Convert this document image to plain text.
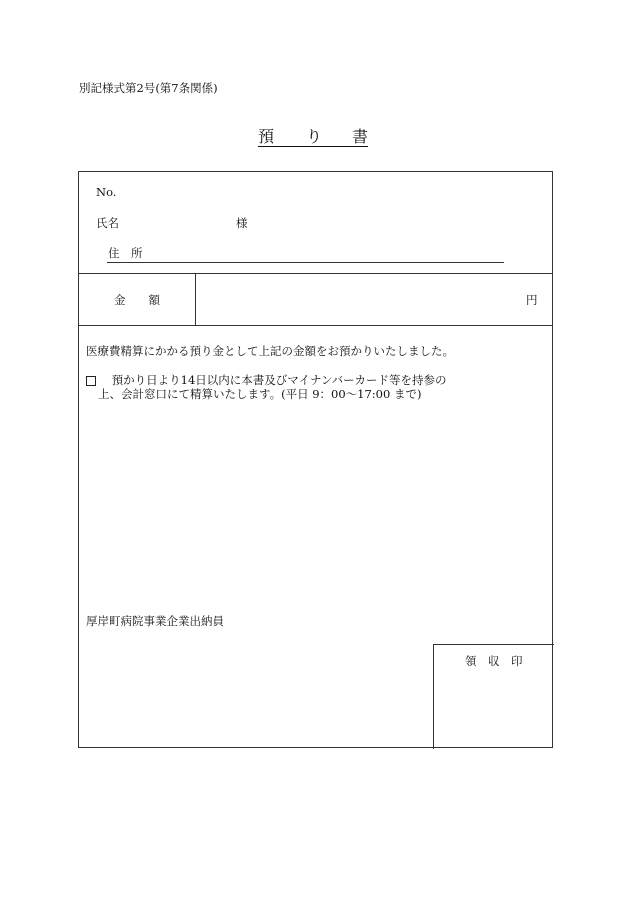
別記様式第2号(第7条関係)
預 り 書
No.
氏名	様
住　所
金　　額	円
医療費精算にかかる預り金として上記の金額をお預かりいたしました。
預かり日より14日以内に本書及びマイナンバーカード等を持参の
上、会計窓口にて精算いたします。(平日 9：00〜17:00 まで)
厚岸町病院事業企業出納員
領　収　印
